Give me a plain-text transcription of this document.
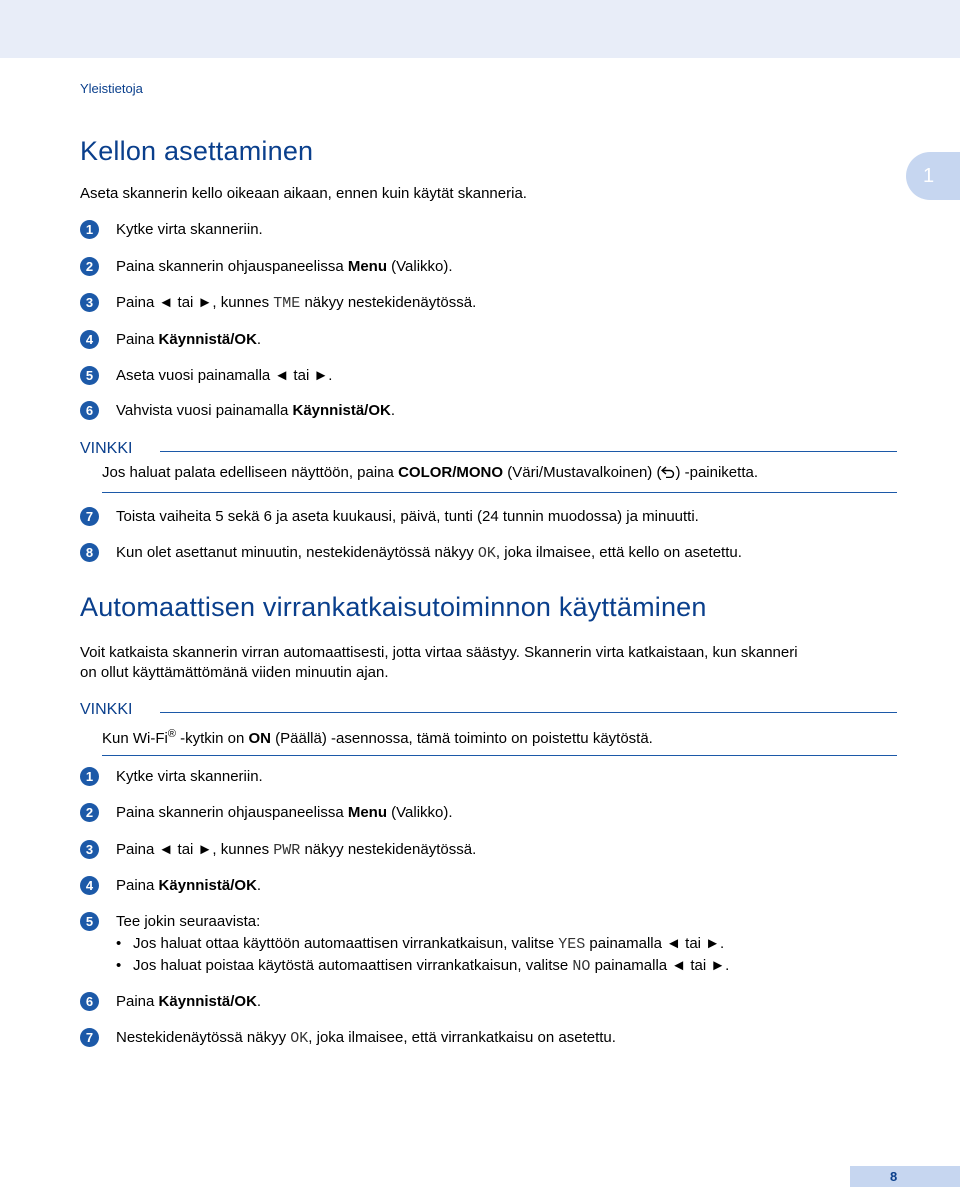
Yleistietoja
1
Kellon asettaminen

Aseta skannerin kello oikeaan aikaan, ennen kuin käytät skanneria.

1	Kytke virta skanneriin.
2	Paina skannerin ohjauspaneelissa Menu (Valikko).
3	Paina ◄ tai ►, kunnes TME näkyy nestekidenäytössä.
4	Paina Käynnistä/OK.
5	Aseta vuosi painamalla ◄ tai ►.
6	Vahvista vuosi painamalla Käynnistä/OK.
VINKKI
Jos haluat palata edelliseen näyttöön, paina COLOR/MONO (Väri/Mustavalkoinen) ( ) -painiketta.
7	Toista vaiheita 5 sekä 6 ja aseta kuukausi, päivä, tunti (24 tunnin muodossa) ja minuutti.
8	Kun olet asettanut minuutin, nestekidenäytössä näkyy OK, joka ilmaisee, että kello on asetettu.
Automaattisen virrankatkaisutoiminnon käyttäminen

Voit katkaista skannerin virran automaattisesti, jotta virtaa säästyy. Skannerin virta katkaistaan, kun skanneri

on ollut käyttämättömänä viiden minuutin ajan.

VINKKI
Kun Wi-Fi® -kytkin on ON (Päällä) -asennossa, tämä toiminto on poistettu käytöstä.
1	Kytke virta skanneriin.
2	Paina skannerin ohjauspaneelissa Menu (Valikko).
3	Paina ◄ tai ►, kunnes PWR näkyy nestekidenäytössä.
4	Paina Käynnistä/OK.
5	Tee jokin seuraavista:
• Jos haluat ottaa käyttöön automaattisen virrankatkaisun, valitse YES painamalla ◄ tai ►.
• Jos haluat poistaa käytöstä automaattisen virrankatkaisun, valitse NO painamalla ◄ tai ►.
6	Paina Käynnistä/OK.
7	Nestekidenäytössä näkyy OK, joka ilmaisee, että virrankatkaisu on asetettu.
8
